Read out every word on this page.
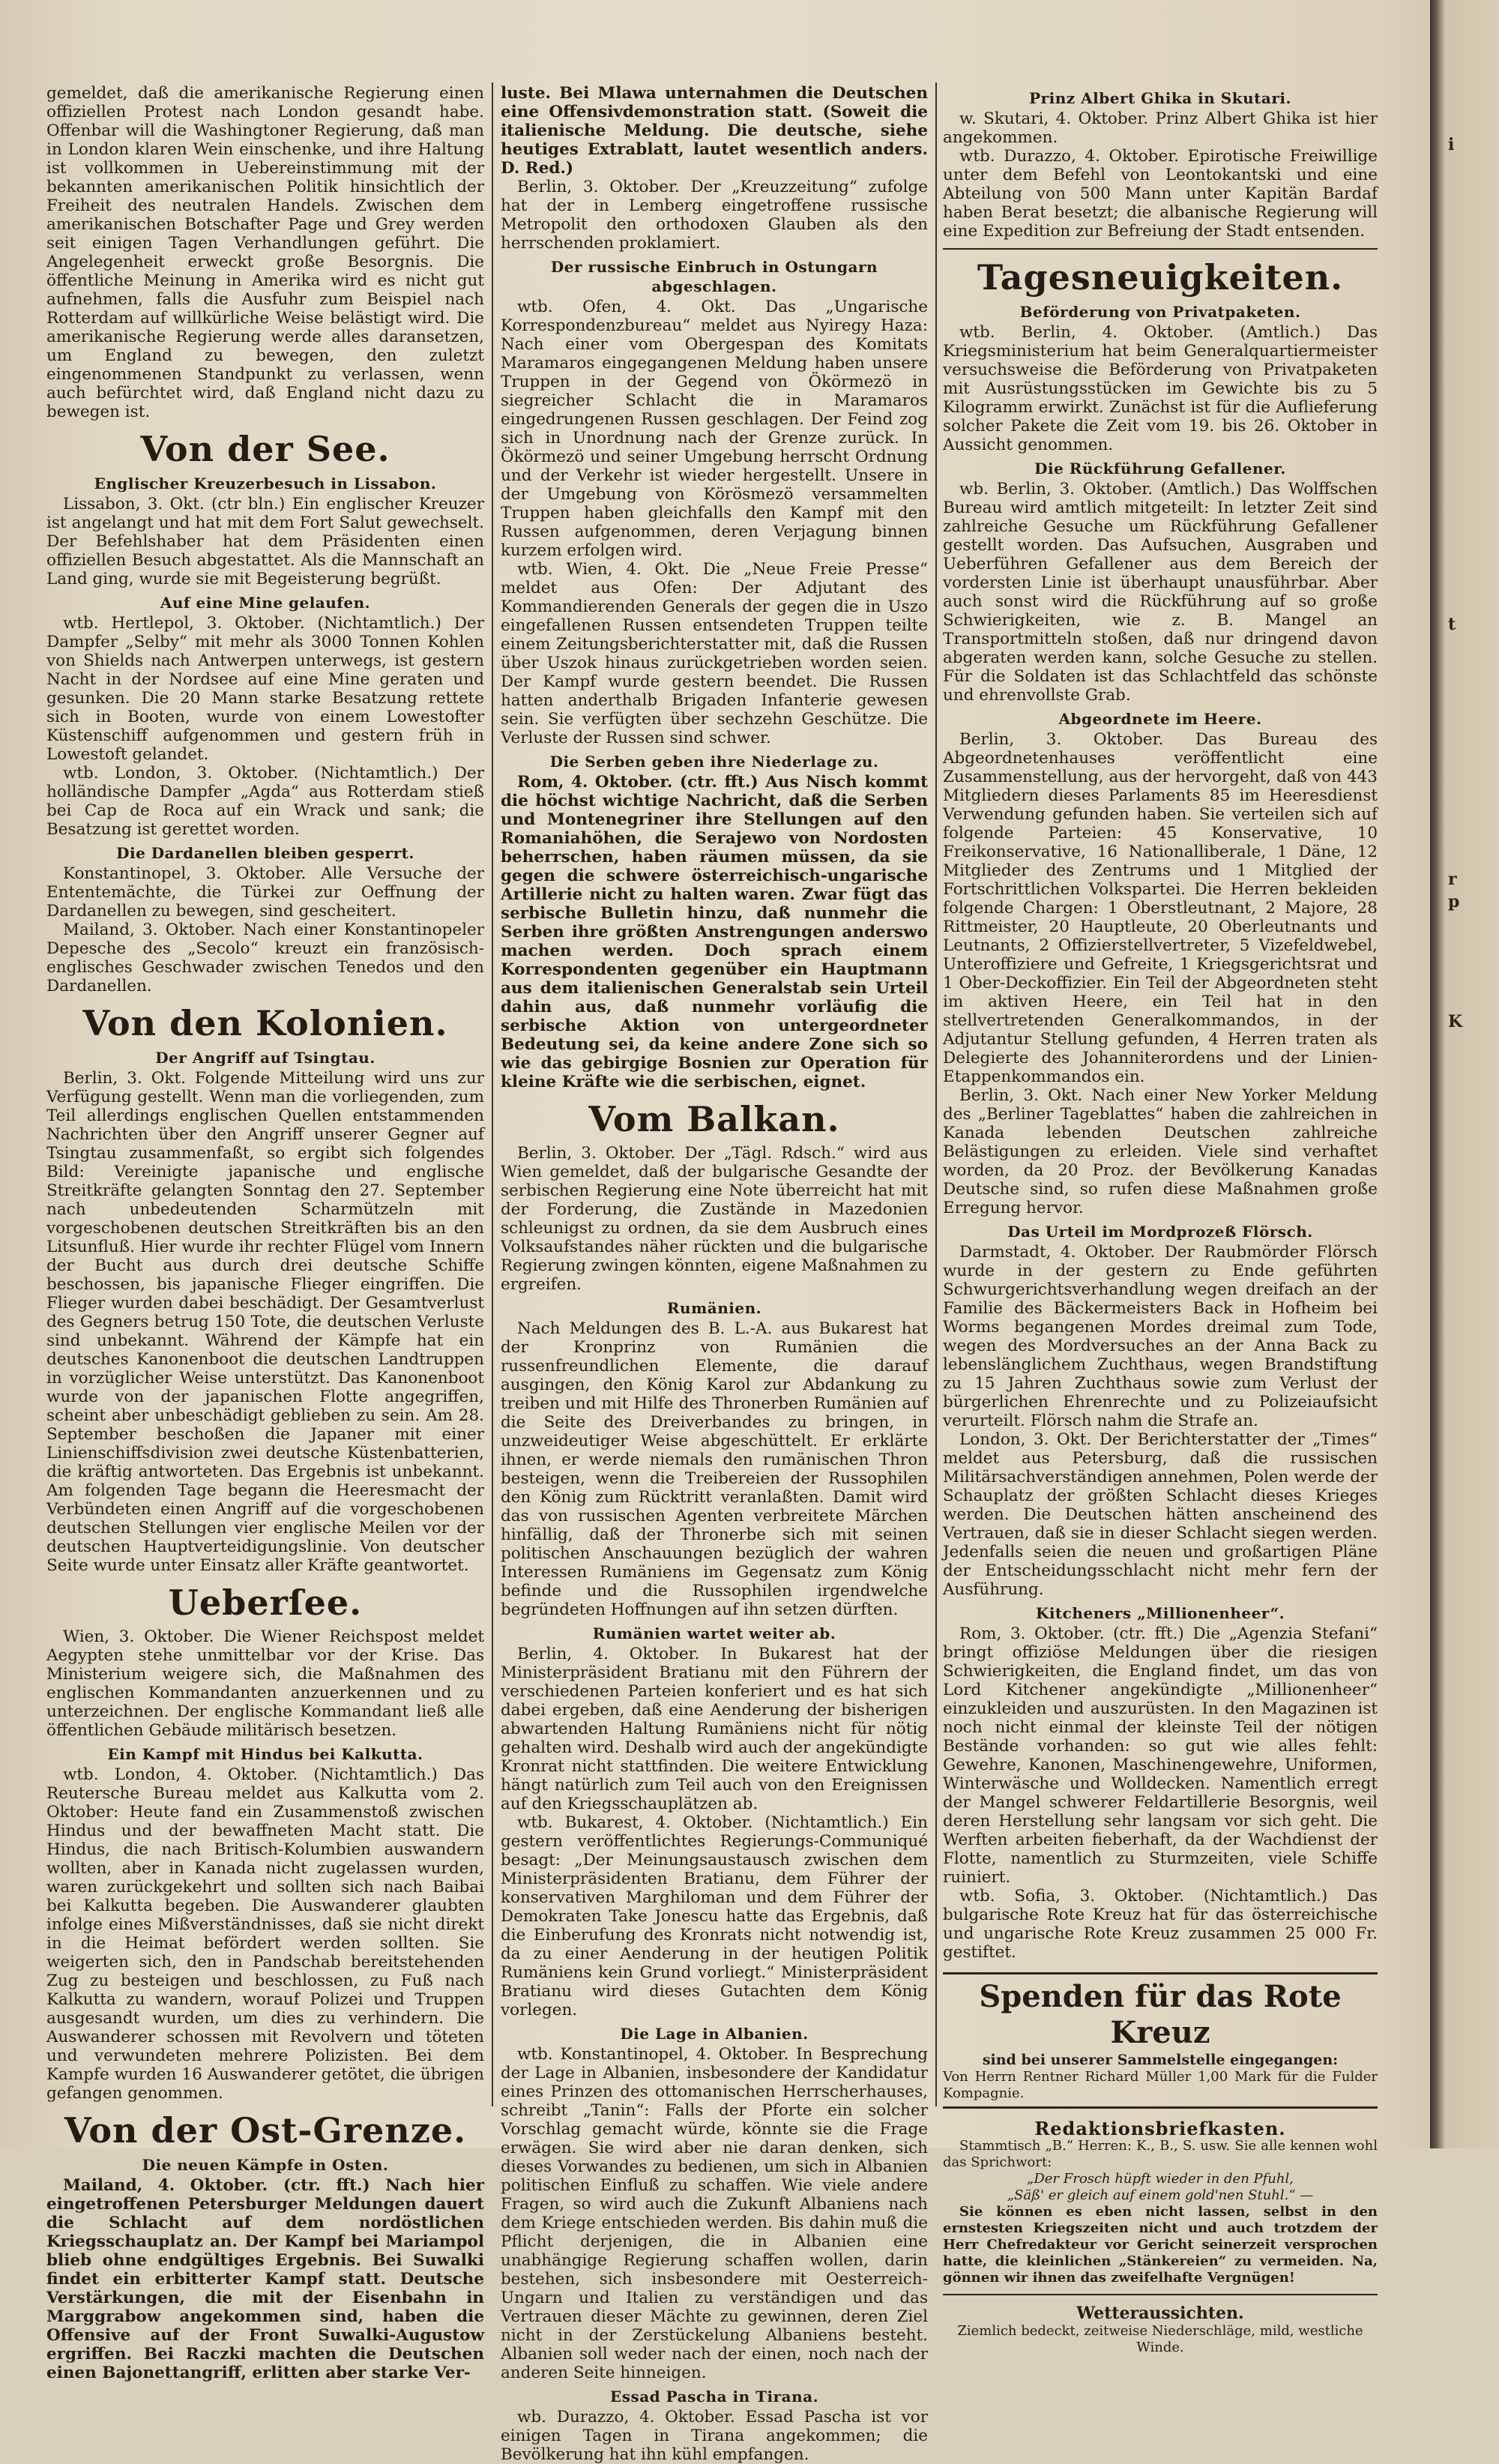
i
t
r
p
K

gemeldet, daß die amerikanische Regierung einen offiziellen Protest nach London gesandt habe. Offenbar will die Washingtoner Regierung, daß man in London klaren Wein einschenke, und ihre Haltung ist vollkommen in Uebereinstimmung mit der bekannten amerikanischen Politik hinsichtlich der Freiheit des neutralen Handels. Zwischen dem amerikanischen Botschafter Page und Grey werden seit einigen Tagen Verhandlungen geführt. Die Angelegenheit erweckt große Besorgnis. Die öffentliche Meinung in Amerika wird es nicht gut aufnehmen, falls die Ausfuhr zum Beispiel nach Rotterdam auf willkürliche Weise belästigt wird. Die amerikanische Regierung werde alles daransetzen, um England zu bewegen, den zuletzt eingenommenen Standpunkt zu verlassen, wenn auch befürchtet wird, daß England nicht dazu zu bewegen ist.

Von der See.
Englischer Kreuzerbesuch in Lissabon.

Lissabon, 3. Okt. (ctr bln.) Ein englischer Kreuzer ist angelangt und hat mit dem Fort Salut gewechselt. Der Befehlshaber hat dem Präsidenten einen offiziellen Besuch abgestattet. Als die Mannschaft an Land ging, wurde sie mit Begeisterung begrüßt.

Auf eine Mine gelaufen.

wtb. Hertlepol, 3. Oktober. (Nichtamtlich.) Der Dampfer „Selby“ mit mehr als 3000 Tonnen Kohlen von Shields nach Antwerpen unterwegs, ist gestern Nacht in der Nordsee auf eine Mine geraten und gesunken. Die 20 Mann starke Besatzung rettete sich in Booten, wurde von einem Lowestofter Küstenschiff aufgenommen und gestern früh in Lowestoft gelandet.

wtb. London, 3. Oktober. (Nichtamtlich.) Der holländische Dampfer „Agda“ aus Rotterdam stieß bei Cap de Roca auf ein Wrack und sank; die Besatzung ist gerettet worden.

Die Dardanellen bleiben gesperrt.

Konstantinopel, 3. Oktober. Alle Versuche der Ententemächte, die Türkei zur Oeffnung der Dardanellen zu bewegen, sind gescheitert.

Mailand, 3. Oktober. Nach einer Konstantinopeler Depesche des „Secolo“ kreuzt ein französisch-englisches Geschwader zwischen Tenedos und den Dardanellen.

Von den Kolonien.
Der Angriff auf Tsingtau.

Berlin, 3. Okt. Folgende Mitteilung wird uns zur Verfügung gestellt. Wenn man die vorliegenden, zum Teil allerdings englischen Quellen entstammenden Nachrichten über den Angriff unserer Gegner auf Tsingtau zusammenfaßt, so ergibt sich folgendes Bild: Vereinigte japanische und englische Streitkräfte gelangten Sonntag den 27. September nach unbedeutenden Scharmützeln mit vorgeschobenen deutschen Streitkräften bis an den Litsunfluß. Hier wurde ihr rechter Flügel vom Innern der Bucht aus durch drei deutsche Schiffe beschossen, bis japanische Flieger eingriffen. Die Flieger wurden dabei beschädigt. Der Gesamtverlust des Gegners betrug 150 Tote, die deutschen Verluste sind unbekannt. Während der Kämpfe hat ein deutsches Kanonenboot die deutschen Landtruppen in vorzüglicher Weise unterstützt. Das Kanonenboot wurde von der japanischen Flotte angegriffen, scheint aber unbeschädigt geblieben zu sein. Am 28. September beschoßen die Japaner mit einer Linienschiffsdivision zwei deutsche Küstenbatterien, die kräftig antworteten. Das Ergebnis ist unbekannt. Am folgenden Tage begann die Heeresmacht der Verbündeten einen Angriff auf die vorgeschobenen deutschen Stellungen vier englische Meilen vor der deutschen Hauptverteidigungslinie. Von deutscher Seite wurde unter Einsatz aller Kräfte geantwortet.

Ueberſee.

Wien, 3. Oktober. Die Wiener Reichspost meldet Aegypten stehe unmittelbar vor der Krise. Das Ministerium weigere sich, die Maßnahmen des englischen Kommandanten anzuerkennen und zu unterzeichnen. Der englische Kommandant ließ alle öffentlichen Gebäude militärisch besetzen.

Ein Kampf mit Hindus bei Kalkutta.

wtb. London, 4. Oktober. (Nichtamtlich.) Das Reutersche Bureau meldet aus Kalkutta vom 2. Oktober: Heute fand ein Zusammenstoß zwischen Hindus und der bewaffneten Macht statt. Die Hindus, die nach Britisch-Kolumbien auswandern wollten, aber in Kanada nicht zugelassen wurden, waren zurückgekehrt und sollten sich nach Baibai bei Kalkutta begeben. Die Auswanderer glaubten infolge eines Mißverständnisses, daß sie nicht direkt in die Heimat befördert werden sollten. Sie weigerten sich, den in Pandschab bereitstehenden Zug zu besteigen und beschlossen, zu Fuß nach Kalkutta zu wandern, worauf Polizei und Truppen ausgesandt wurden, um dies zu verhindern. Die Auswanderer schossen mit Revolvern und töteten und verwundeten mehrere Polizisten. Bei dem Kampfe wurden 16 Auswanderer getötet, die übrigen gefangen genommen.

Von der Ost-Grenze.
Die neuen Kämpfe in Osten.

Mailand, 4. Oktober. (ctr. fft.) Nach hier eingetroffenen Petersburger Meldungen dauert die Schlacht auf dem nordöstlichen Kriegsschauplatz an. Der Kampf bei Mariampol blieb ohne endgültiges Ergebnis. Bei Suwalki findet ein erbitterter Kampf statt. Deutsche Verstärkungen, die mit der Eisenbahn in Marggrabow angekommen sind, haben die Offensive auf der Front Suwalki-Augustow ergriffen. Bei Raczki machten die Deutschen einen Bajonettangriff, erlitten aber starke Ver-

luste. Bei Mlawa unternahmen die Deutschen eine Offensivdemonstration statt. (Soweit die italienische Meldung. Die deutsche, siehe heutiges Extrablatt, lautet wesentlich anders. D. Red.)

Berlin, 3. Oktober. Der „Kreuzzeitung“ zufolge hat der in Lemberg eingetroffene russische Metropolit den orthodoxen Glauben als den herrschenden proklamiert.

Der russische Einbruch in Ostungarn abgeschlagen.

wtb. Ofen, 4. Okt. Das „Ungarische Korrespondenzbureau“ meldet aus Nyiregy Haza: Nach einer vom Obergespan des Komitats Maramaros eingegangenen Meldung haben unsere Truppen in der Gegend von Ökörmezö in siegreicher Schlacht die in Maramaros eingedrungenen Russen geschlagen. Der Feind zog sich in Unordnung nach der Grenze zurück. In Ökörmezö und seiner Umgebung herrscht Ordnung und der Verkehr ist wieder hergestellt. Unsere in der Umgebung von Körösmezö versammelten Truppen haben gleichfalls den Kampf mit den Russen aufgenommen, deren Verjagung binnen kurzem erfolgen wird.

wtb. Wien, 4. Okt. Die „Neue Freie Presse“ meldet aus Ofen: Der Adjutant des Kommandierenden Generals der gegen die in Uszo eingefallenen Russen entsendeten Truppen teilte einem Zeitungsberichterstatter mit, daß die Russen über Uszok hinaus zurückgetrieben worden seien. Der Kampf wurde gestern beendet. Die Russen hatten anderthalb Brigaden Infanterie gewesen sein. Sie verfügten über sechzehn Geschütze. Die Verluste der Russen sind schwer.

Die Serben geben ihre Niederlage zu.

Rom, 4. Oktober. (ctr. fft.) Aus Nisch kommt die höchst wichtige Nachricht, daß die Serben und Montenegriner ihre Stellungen auf den Romaniahöhen, die Serajewo von Nordosten beherrschen, haben räumen müssen, da sie gegen die schwere österreichisch-ungarische Artillerie nicht zu halten waren. Zwar fügt das serbische Bulletin hinzu, daß nunmehr die Serben ihre größten Anstrengungen anderswo machen werden. Doch sprach einem Korrespondenten gegenüber ein Hauptmann aus dem italienischen Generalstab sein Urteil dahin aus, daß nunmehr vorläufig die serbische Aktion von untergeordneter Bedeutung sei, da keine andere Zone sich so wie das gebirgige Bosnien zur Operation für kleine Kräfte wie die serbischen, eignet.

Vom Balkan.

Berlin, 3. Oktober. Der „Tägl. Rdsch.“ wird aus Wien gemeldet, daß der bulgarische Gesandte der serbischen Regierung eine Note überreicht hat mit der Forderung, die Zustände in Mazedonien schleunigst zu ordnen, da sie dem Ausbruch eines Volksaufstandes näher rückten und die bulgarische Regierung zwingen könnten, eigene Maßnahmen zu ergreifen.

Rumänien.

Nach Meldungen des B. L.-A. aus Bukarest hat der Kronprinz von Rumänien die russenfreundlichen Elemente, die darauf ausgingen, den König Karol zur Abdankung zu treiben und mit Hilfe des Thronerben Rumänien auf die Seite des Dreiverbandes zu bringen, in unzweideutiger Weise abgeschüttelt. Er erklärte ihnen, er werde niemals den rumänischen Thron besteigen, wenn die Treibereien der Russophilen den König zum Rücktritt veranlaßten. Damit wird das von russischen Agenten verbreitete Märchen hinfällig, daß der Thronerbe sich mit seinen politischen Anschauungen bezüglich der wahren Interessen Rumäniens im Gegensatz zum König befinde und die Russophilen irgendwelche begründeten Hoffnungen auf ihn setzen dürften.

Rumänien wartet weiter ab.

Berlin, 4. Oktober. In Bukarest hat der Ministerpräsident Bratianu mit den Führern der verschiedenen Parteien konferiert und es hat sich dabei ergeben, daß eine Aenderung der bisherigen abwartenden Haltung Rumäniens nicht für nötig gehalten wird. Deshalb wird auch der angekündigte Kronrat nicht stattfinden. Die weitere Entwicklung hängt natürlich zum Teil auch von den Ereignissen auf den Kriegsschauplätzen ab.

wtb. Bukarest, 4. Oktober. (Nichtamtlich.) Ein gestern veröffentlichtes Regierungs-Communiqué besagt: „Der Meinungsaustausch zwischen dem Ministerpräsidenten Bratianu, dem Führer der konservativen Marghiloman und dem Führer der Demokraten Take Jonescu hatte das Ergebnis, daß die Einberufung des Kronrats nicht notwendig ist, da zu einer Aenderung in der heutigen Politik Rumäniens kein Grund vorliegt.“ Ministerpräsident Bratianu wird dieses Gutachten dem König vorlegen.

Die Lage in Albanien.

wtb. Konstantinopel, 4. Oktober. In Besprechung der Lage in Albanien, insbesondere der Kandidatur eines Prinzen des ottomanischen Herrscherhauses, schreibt „Tanin“: Falls der Pforte ein solcher Vorschlag gemacht würde, könnte sie die Frage erwägen. Sie wird aber nie daran denken, sich dieses Vorwandes zu bedienen, um sich in Albanien politischen Einfluß zu schaffen. Wie viele andere Fragen, so wird auch die Zukunft Albaniens nach dem Kriege entschieden werden. Bis dahin muß die Pflicht derjenigen, die in Albanien eine unabhängige Regierung schaffen wollen, darin bestehen, sich insbesondere mit Oesterreich-Ungarn und Italien zu verständigen und das Vertrauen dieser Mächte zu gewinnen, deren Ziel nicht in der Zerstückelung Albaniens besteht. Albanien soll weder nach der einen, noch nach der anderen Seite hinneigen.

Essad Pascha in Tirana.

wb. Durazzo, 4. Oktober. Essad Pascha ist vor einigen Tagen in Tirana angekommen; die Bevölkerung hat ihn kühl empfangen.

Prinz Albert Ghika in Skutari.

w. Skutari, 4. Oktober. Prinz Albert Ghika ist hier angekommen.

wtb. Durazzo, 4. Oktober. Epirotische Freiwillige unter dem Befehl von Leontokantski und eine Abteilung von 500 Mann unter Kapitän Bardaf haben Berat besetzt; die albanische Regierung will eine Expedition zur Befreiung der Stadt entsenden.

Tagesneuigkeiten.
Beförderung von Privatpaketen.

wtb. Berlin, 4. Oktober. (Amtlich.) Das Kriegsministerium hat beim Generalquartiermeister versuchsweise die Beförderung von Privatpaketen mit Ausrüstungsstücken im Gewichte bis zu 5 Kilogramm erwirkt. Zunächst ist für die Auflieferung solcher Pakete die Zeit vom 19. bis 26. Oktober in Aussicht genommen.

Die Rückführung Gefallener.

wb. Berlin, 3. Oktober. (Amtlich.) Das Wolffschen Bureau wird amtlich mitgeteilt: In letzter Zeit sind zahlreiche Gesuche um Rückführung Gefallener gestellt worden. Das Aufsuchen, Ausgraben und Ueberführen Gefallener aus dem Bereich der vordersten Linie ist überhaupt unausführbar. Aber auch sonst wird die Rückführung auf so große Schwierigkeiten, wie z. B. Mangel an Transportmitteln stoßen, daß nur dringend davon abgeraten werden kann, solche Gesuche zu stellen. Für die Soldaten ist das Schlachtfeld das schönste und ehrenvollste Grab.

Abgeordnete im Heere.

Berlin, 3. Oktober. Das Bureau des Abgeordnetenhauses veröffentlicht eine Zusammenstellung, aus der hervorgeht, daß von 443 Mitgliedern dieses Parlaments 85 im Heeresdienst Verwendung gefunden haben. Sie verteilen sich auf folgende Parteien: 45 Konservative, 10 Freikonservative, 16 Nationalliberale, 1 Däne, 12 Mitglieder des Zentrums und 1 Mitglied der Fortschrittlichen Volkspartei. Die Herren bekleiden folgende Chargen: 1 Oberstleutnant, 2 Majore, 28 Rittmeister, 20 Hauptleute, 20 Oberleutnants und Leutnants, 2 Offizierstellvertreter, 5 Vizefeldwebel, Unteroffiziere und Gefreite, 1 Kriegsgerichtsrat und 1 Ober-Deckoffizier. Ein Teil der Abgeordneten steht im aktiven Heere, ein Teil hat in den stellvertretenden Generalkommandos, in der Adjutantur Stellung gefunden, 4 Herren traten als Delegierte des Johanniterordens und der Linien-Etappenkommandos ein.

Berlin, 3. Okt. Nach einer New Yorker Meldung des „Berliner Tageblattes“ haben die zahlreichen in Kanada lebenden Deutschen zahlreiche Belästigungen zu erleiden. Viele sind verhaftet worden, da 20 Proz. der Bevölkerung Kanadas Deutsche sind, so rufen diese Maßnahmen große Erregung hervor.

Das Urteil im Mordprozeß Flörsch.

Darmstadt, 4. Oktober. Der Raubmörder Flörsch wurde in der gestern zu Ende geführten Schwurgerichtsverhandlung wegen dreifach an der Familie des Bäckermeisters Back in Hofheim bei Worms begangenen Mordes dreimal zum Tode, wegen des Mordversuches an der Anna Back zu lebenslänglichem Zuchthaus, wegen Brandstiftung zu 15 Jahren Zuchthaus sowie zum Verlust der bürgerlichen Ehrenrechte und zu Polizeiaufsicht verurteilt. Flörsch nahm die Strafe an.

London, 3. Okt. Der Berichterstatter der „Times“ meldet aus Petersburg, daß die russischen Militärsachverständigen annehmen, Polen werde der Schauplatz der größten Schlacht dieses Krieges werden. Die Deutschen hätten anscheinend des Vertrauen, daß sie in dieser Schlacht siegen werden. Jedenfalls seien die neuen und großartigen Pläne der Entscheidungsschlacht nicht mehr fern der Ausführung.

Kitcheners „Millionenheer“.

Rom, 3. Oktober. (ctr. fft.) Die „Agenzia Stefani“ bringt offiziöse Meldungen über die riesigen Schwierigkeiten, die England findet, um das von Lord Kitchener angekündigte „Millionenheer“ einzukleiden und auszurüsten. In den Magazinen ist noch nicht einmal der kleinste Teil der nötigen Bestände vorhanden: so gut wie alles fehlt: Gewehre, Kanonen, Maschinengewehre, Uniformen, Winterwäsche und Wolldecken. Namentlich erregt der Mangel schwerer Feldartillerie Besorgnis, weil deren Herstellung sehr langsam vor sich geht. Die Werften arbeiten fieberhaft, da der Wachdienst der Flotte, namentlich zu Sturmzeiten, viele Schiffe ruiniert.

wtb. Sofia, 3. Oktober. (Nichtamtlich.) Das bulgarische Rote Kreuz hat für das österreichische und ungarische Rote Kreuz zusammen 25 000 Fr. gestiftet.

Spenden für das Rote Kreuz
sind bei unserer Sammelstelle eingegangen:
Von Herrn Rentner Richard Müller 1,00 Mark für die Fulder Kompagnie.
Redaktionsbriefkasten.

Stammtisch „B.“ Herren: K., B., S. usw. Sie alle kennen wohl das Sprichwort:

„Der Frosch hüpft wieder in den Pfuhl,

„Säß' er gleich auf einem gold'nen Stuhl.“ —

Sie können es eben nicht lassen, selbst in den ernstesten Kriegszeiten nicht und auch trotzdem der Herr Chefredakteur vor Gericht seinerzeit versprochen hatte, die kleinlichen „Stänkereien“ zu vermeiden. Na, gönnen wir ihnen das zweifelhafte Vergnügen!

Wetteraussichten.
Ziemlich bedeckt, zeitweise Niederschläge, mild, westliche Winde.
